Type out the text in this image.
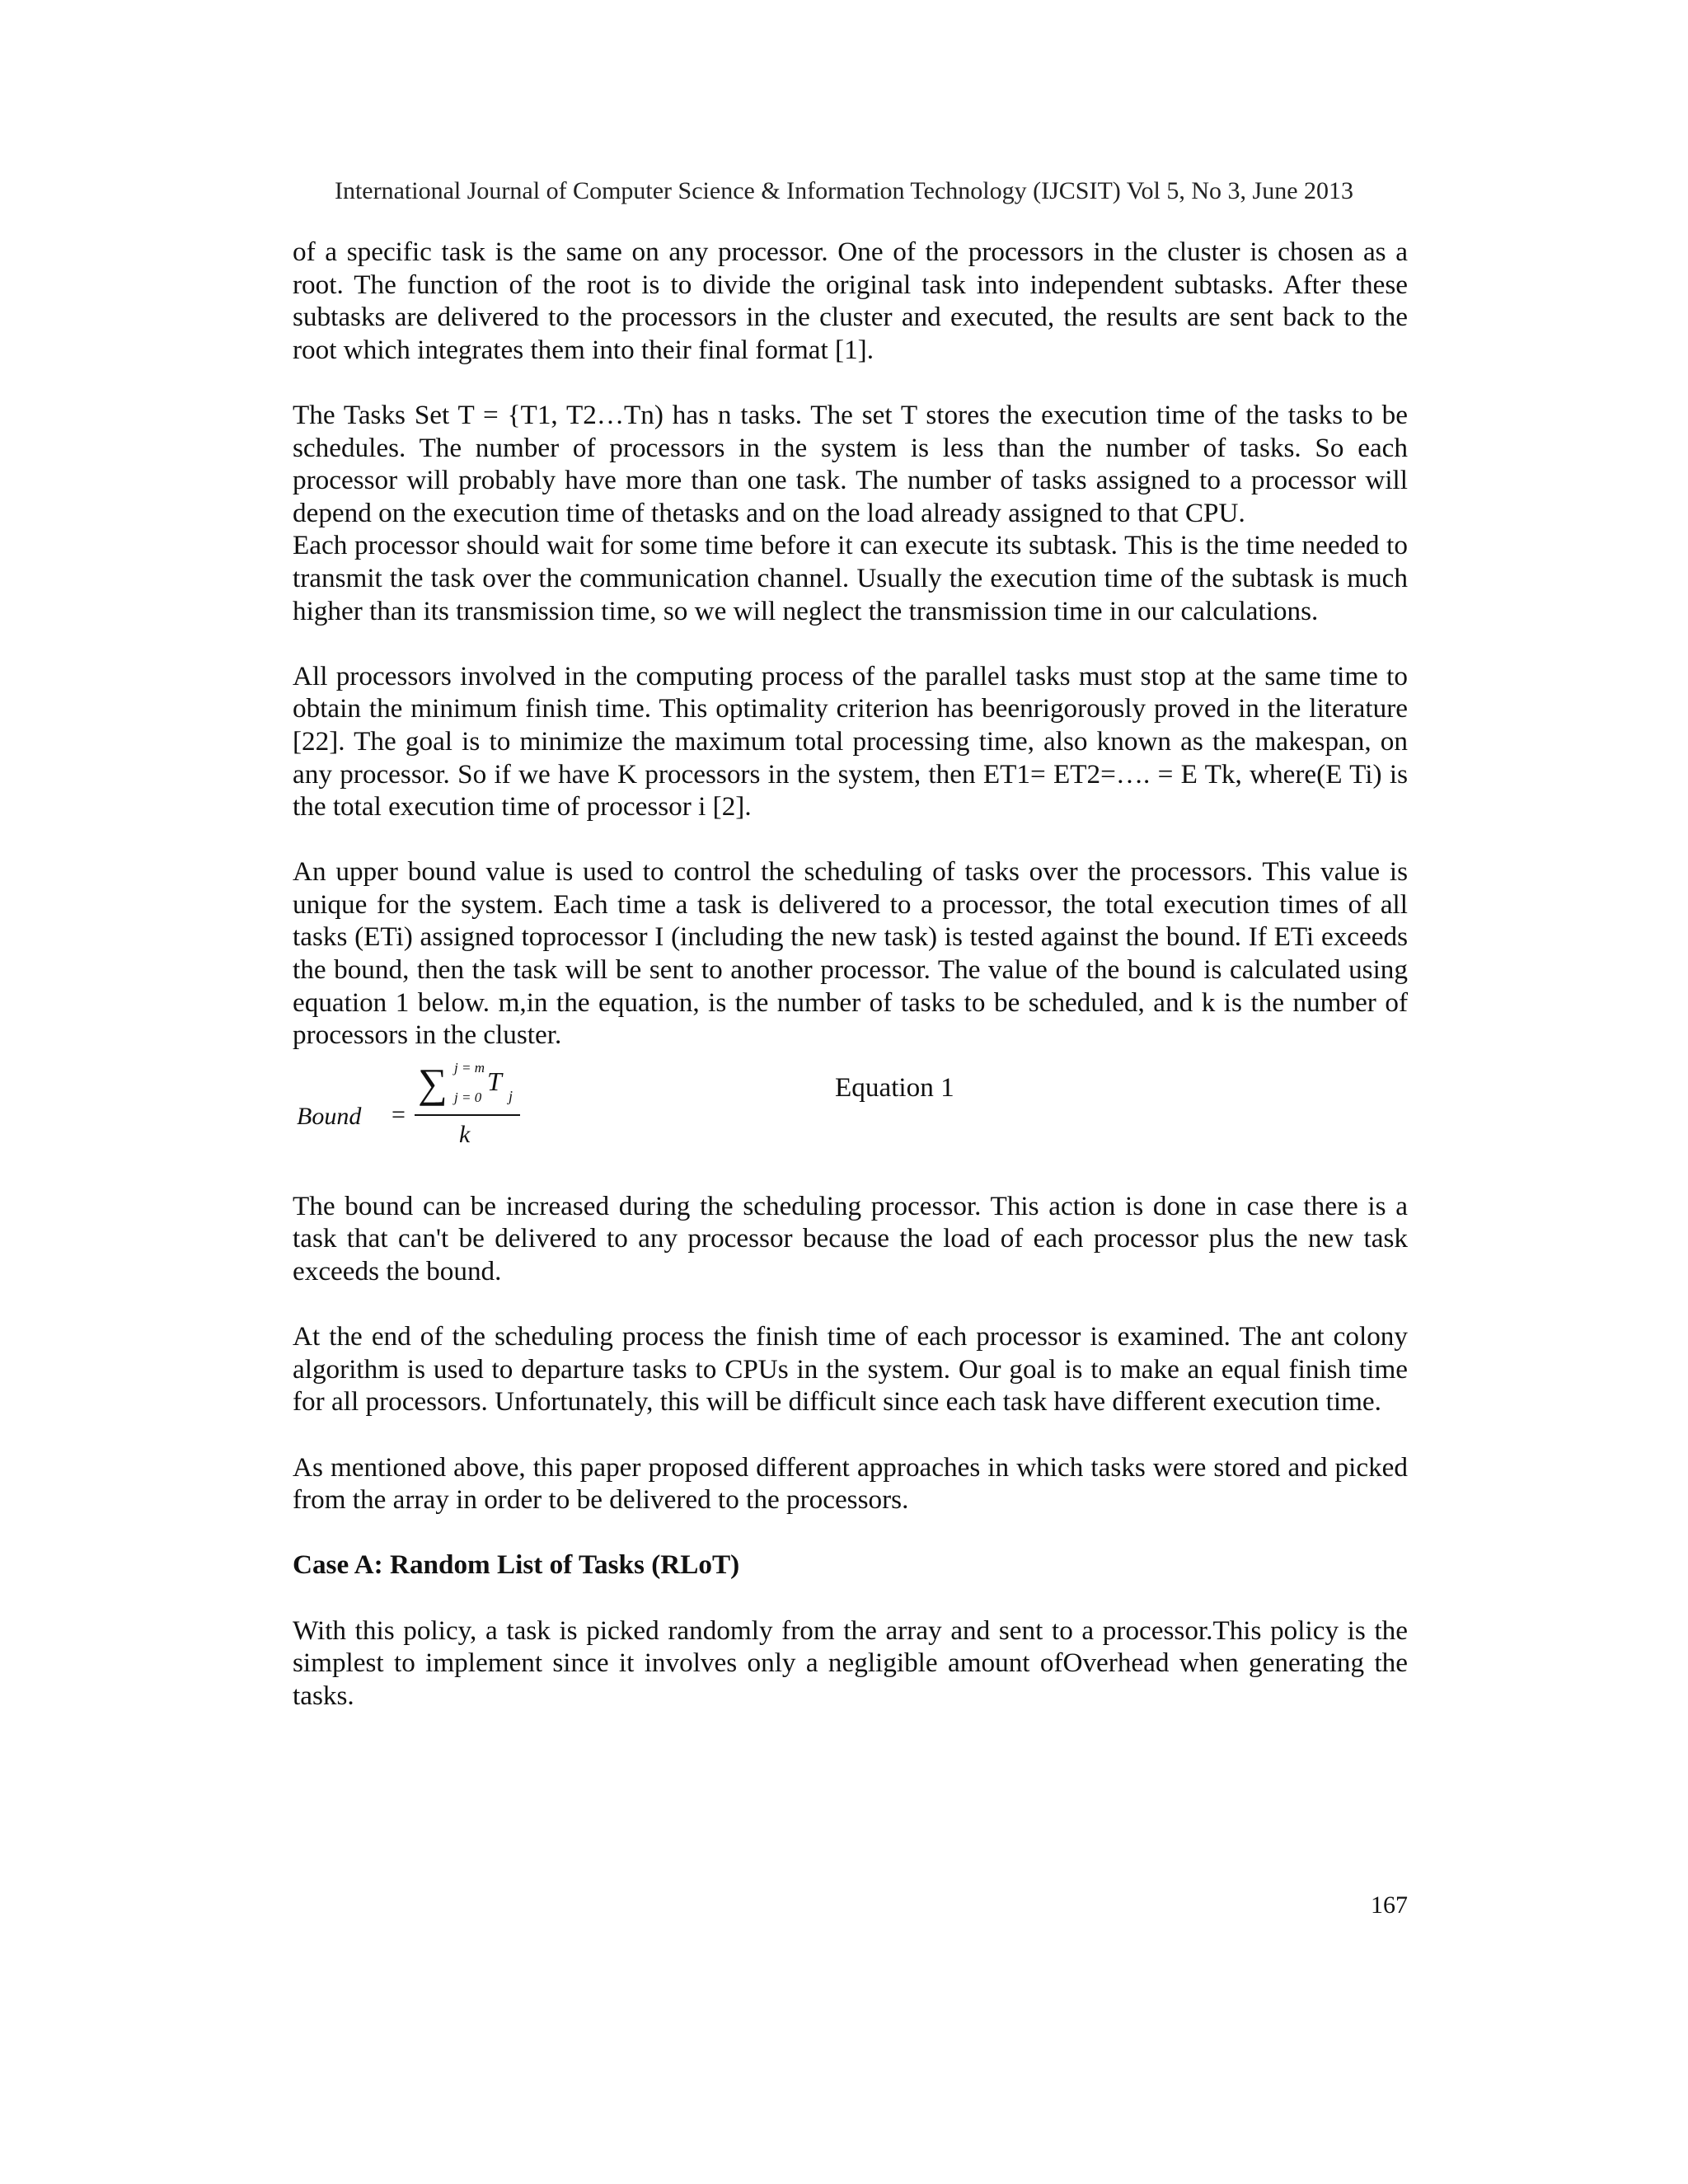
International Journal of Computer Science & Information Technology (IJCSIT) Vol 5, No 3, June 2013

of a specific task is the same on any processor. One of the processors in the cluster is chosen as a root. The function of the root is to divide the original task into independent subtasks. After these subtasks are delivered to the processors in the cluster and executed, the results are sent back to the root which integrates them into their final format [1].

The Tasks Set T = {T1, T2…Tn) has n tasks. The set T stores the execution time of the tasks to be schedules. The number of processors in the system is less than the number of tasks. So each processor will probably have more than one task. The number of tasks assigned to a processor will depend on the execution time of thetasks and on the load already assigned to that CPU.

Each processor should wait for some time before it can execute its subtask. This is the time needed to transmit the task over the communication channel. Usually the execution time of the subtask is much higher than its transmission time, so we will neglect the transmission time in our calculations.

All processors involved in the computing process of the parallel tasks must stop at the same time to obtain the minimum finish time. This optimality criterion has beenrigorously proved in the literature [22]. The goal is to minimize the maximum total processing time, also known as the makespan, on any processor. So if we have K processors in the system, then ET1= ET2=…. = E Tk, where(E Ti) is the total execution time of processor i [2].

An upper bound value is used to control the scheduling of tasks over the processors. This value is unique for the system. Each time a task is delivered to a processor, the total execution times of all tasks (ETi) assigned toprocessor I (including the new task) is tested against the bound. If ETi exceeds the bound, then the task will be sent to another processor. The value of the bound is calculated using equation 1 below. m,in the equation, is the number of tasks to be scheduled, and k is the number of processors in the cluster.

Bound =
∑ j = m
j = 0
T j
k
Equation 1

The bound can be increased during the scheduling processor. This action is done in case there is a task that can't be delivered to any processor because the load of each processor plus the new task exceeds the bound.

At the end of the scheduling process the finish time of each processor is examined. The ant colony algorithm is used to departure tasks to CPUs in the system. Our goal is to make an equal finish time for all processors. Unfortunately, this will be difficult since each task have different execution time.

As mentioned above, this paper proposed different approaches in which tasks were stored and picked from the array in order to be delivered to the processors.

Case A: Random List of Tasks (RLoT)

With this policy, a task is picked randomly from the array and sent to a processor.This policy is the simplest to implement since it involves only a negligible amount ofOverhead when generating the tasks.

167
